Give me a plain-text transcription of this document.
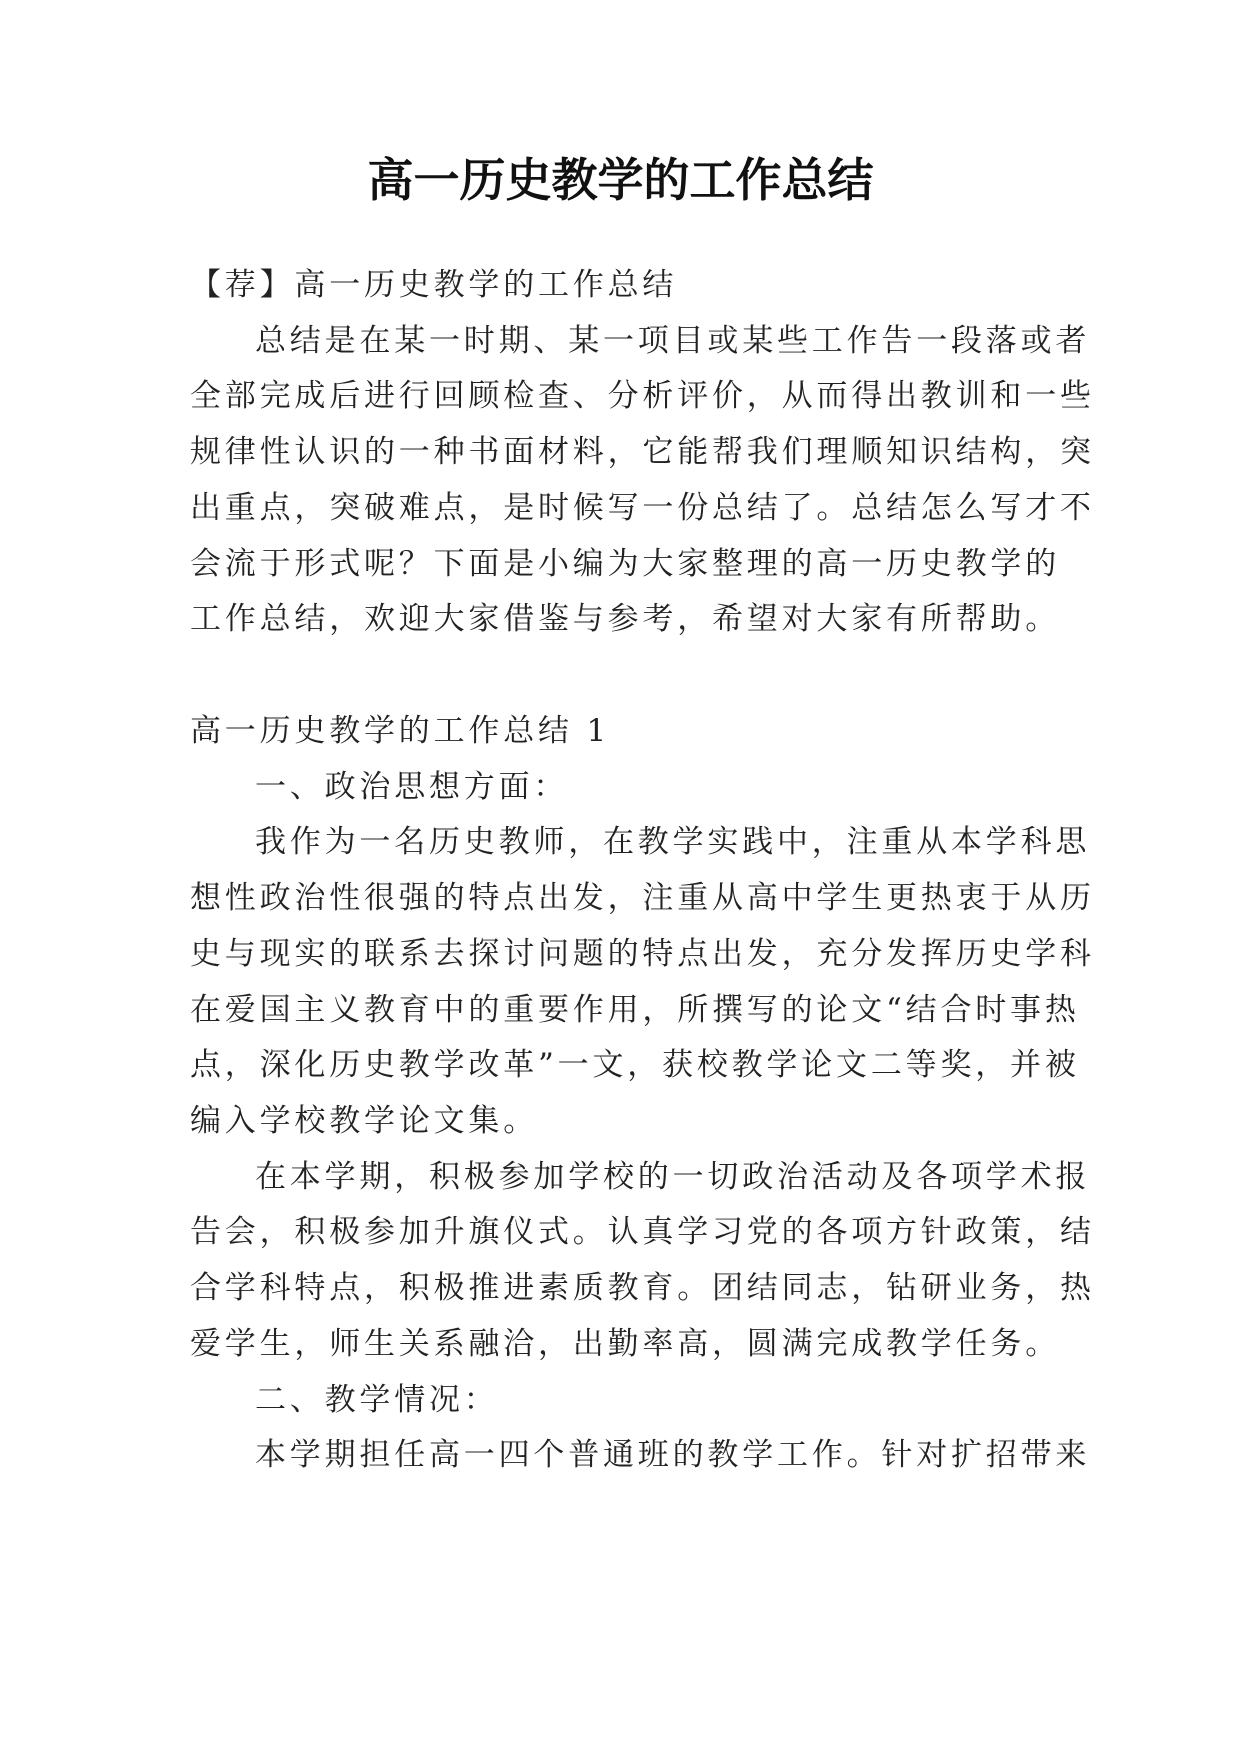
高一历史教学的工作总结

【荐】高一历史教学的工作总结

总结是在某一时期、某一项目或某些工作告一段落或者

全部完成后进行回顾检查、分析评价，从而得出教训和一些

规律性认识的一种书面材料，它能帮我们理顺知识结构，突

出重点，突破难点，是时候写一份总结了。总结怎么写才不

会流于形式呢？下面是小编为大家整理的高一历史教学的

工作总结，欢迎大家借鉴与参考，希望对大家有所帮助。

高一历史教学的工作总结 1

一、政治思想方面：

我作为一名历史教师，在教学实践中，注重从本学科思

想性政治性很强的特点出发，注重从高中学生更热衷于从历

史与现实的联系去探讨问题的特点出发，充分发挥历史学科

在爱国主义教育中的重要作用，所撰写的论文“结合时事热

点，深化历史教学改革”一文，获校教学论文二等奖，并被

编入学校教学论文集。

在本学期，积极参加学校的一切政治活动及各项学术报

告会，积极参加升旗仪式。认真学习党的各项方针政策，结

合学科特点，积极推进素质教育。团结同志，钻研业务，热

爱学生，师生关系融洽，出勤率高，圆满完成教学任务。

二、教学情况：

本学期担任高一四个普通班的教学工作。针对扩招带来
